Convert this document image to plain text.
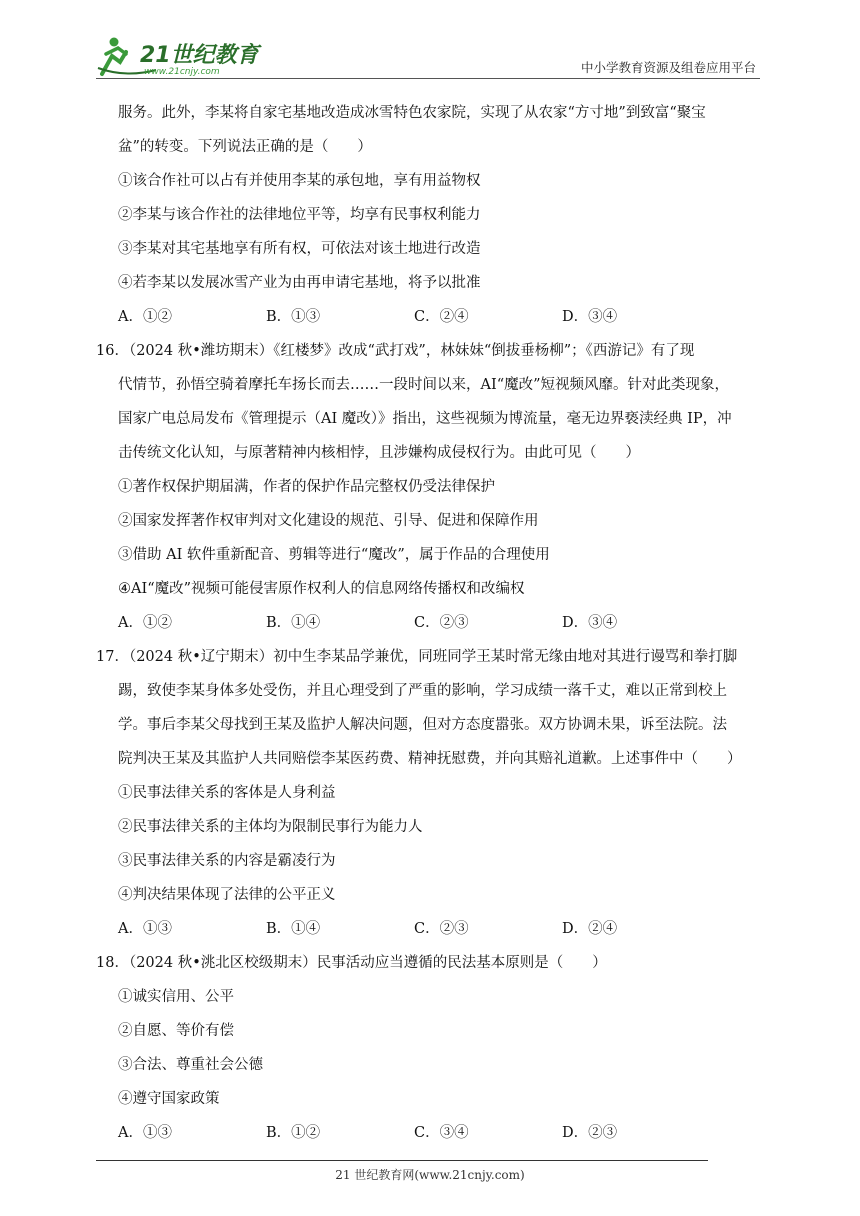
21世纪教育
www.21cnjy.com	中小学教育资源及组卷应用平台
服务。此外，李某将自家宅基地改造成冰雪特色农家院，实现了从农家“方寸地”到致富“聚宝
盆”的转变。下列说法正确的是（　　）
①该合作社可以占有并使用李某的承包地，享有用益物权
②李某与该合作社的法律地位平等，均享有民事权利能力
③李某对其宅基地享有所有权，可依法对该土地进行改造
④若李某以发展冰雪产业为由再申请宅基地，将予以批准
A．①②	B．①③	C．②④	D．③④
16．（2024 秋•潍坊期末）《红楼梦》改成“武打戏”，林妹妹“倒拔垂杨柳”；《西游记》有了现
代情节，孙悟空骑着摩托车扬长而去……一段时间以来，AI“魔改”短视频风靡。针对此类现象，
国家广电总局发布《管理提示（AI 魔改）》指出，这些视频为博流量，毫无边界亵渎经典 IP，冲
击传统文化认知，与原著精神内核相悖，且涉嫌构成侵权行为。由此可见（　　）
①著作权保护期届满，作者的保护作品完整权仍受法律保护
②国家发挥著作权审判对文化建设的规范、引导、促进和保障作用
③借助 AI 软件重新配音、剪辑等进行“魔改”，属于作品的合理使用
④AI“魔改”视频可能侵害原作权利人的信息网络传播权和改编权
A．①②	B．①④	C．②③	D．③④
17．（2024 秋•辽宁期末）初中生李某品学兼优，同班同学王某时常无缘由地对其进行谩骂和拳打脚
踢，致使李某身体多处受伤，并且心理受到了严重的影响，学习成绩一落千丈，难以正常到校上
学。事后李某父母找到王某及监护人解决问题，但对方态度嚣张。双方协调未果，诉至法院。法
院判决王某及其监护人共同赔偿李某医药费、精神抚慰费，并向其赔礼道歉。上述事件中（　　）
①民事法律关系的客体是人身利益
②民事法律关系的主体均为限制民事行为能力人
③民事法律关系的内容是霸凌行为
④判决结果体现了法律的公平正义
A．①③	B．①④	C．②③	D．②④
18．（2024 秋•洮北区校级期末）民事活动应当遵循的民法基本原则是（　　）
①诚实信用、公平
②自愿、等价有偿
③合法、尊重社会公德
④遵守国家政策
A．①③	B．①②	C．③④	D．②③
21 世纪教育网(www.21cnjy.com)
